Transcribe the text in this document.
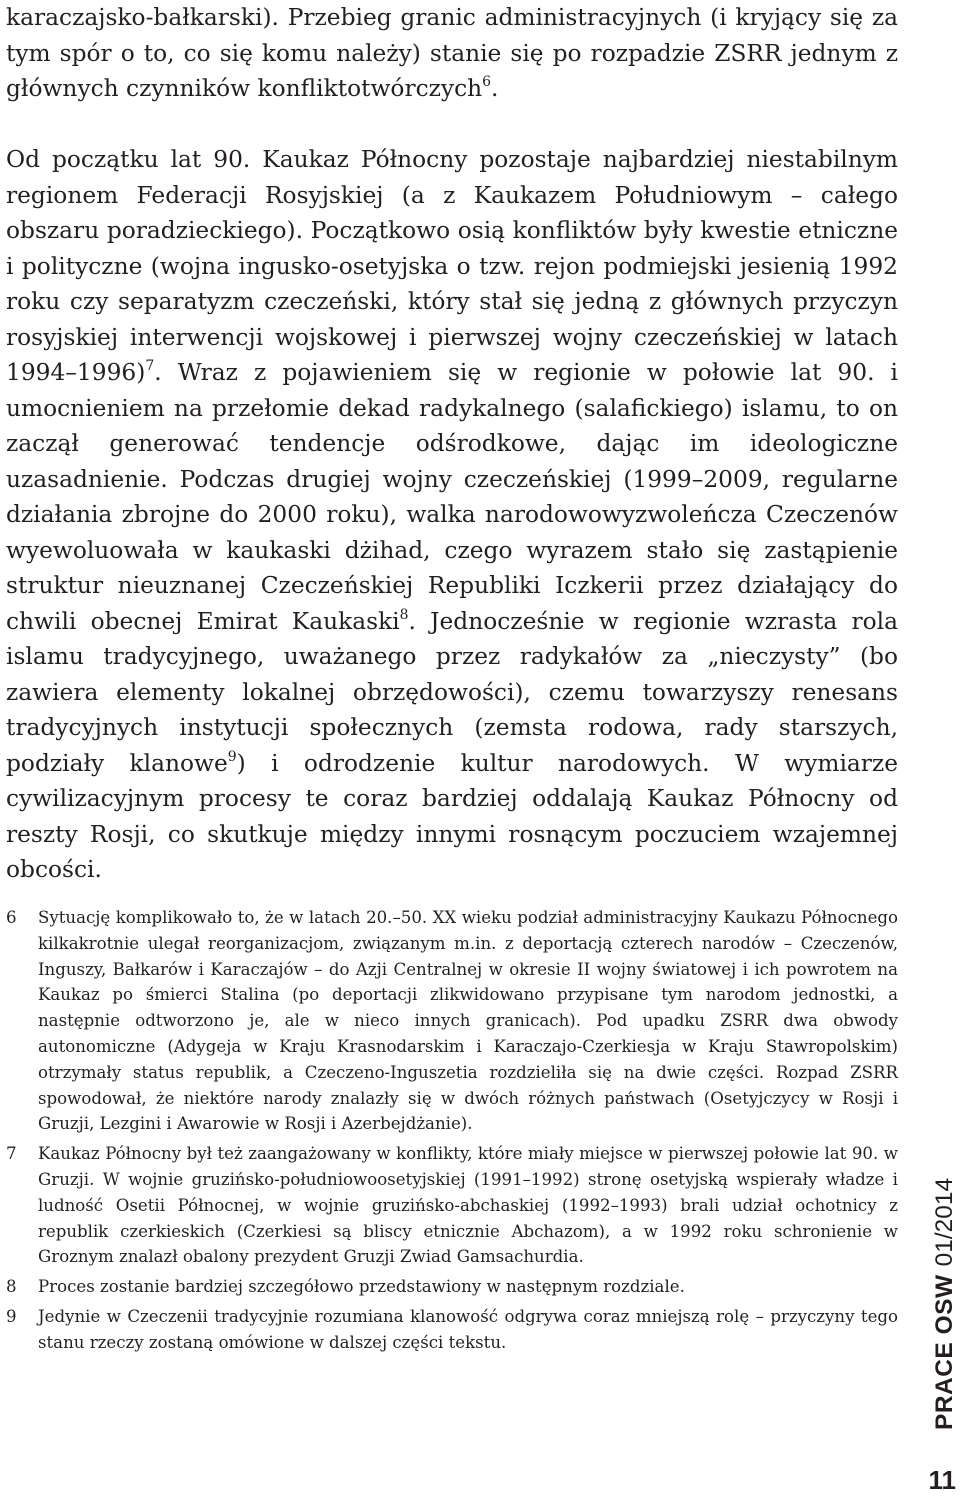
karaczajsko-bałkarski). Przebieg granic administracyjnych (i kryjący się za tym spór o to, co się komu należy) stanie się po rozpadzie ZSRR jednym z głównych czynników konfliktotwórczych$^6$.

Od początku lat 90. Kaukaz Północny pozostaje najbardziej niestabilnym regionem Federacji Rosyjskiej (a z Kaukazem Południowym – całego obszaru poradzieckiego). Początkowo osią konfliktów były kwestie etniczne i polityczne (wojna ingusko-osetyjska o tzw. rejon podmiejski jesienią 1992 roku czy separatyzm czeczeński, który stał się jedną z głównych przyczyn rosyjskiej interwencji wojskowej i pierwszej wojny czeczeńskiej w latach 1994–1996)$^7$. Wraz z pojawieniem się w regionie w połowie lat 90. i umocnieniem na przełomie dekad radykalnego (salafickiego) islamu, to on zaczął generować tendencje odśrodkowe, dając im ideologiczne uzasadnienie. Podczas drugiej wojny czeczeńskiej (1999–2009, regularne działania zbrojne do 2000 roku), walka narodowowyzwoleńcza Czeczenów wyewoluowała w kaukaski dżihad, czego wyrazem stało się zastąpienie struktur nieuznanej Czeczeńskiej Republiki Iczkerii przez działający do chwili obecnej Emirat Kaukaski$^8$. Jednocześnie w regionie wzrasta rola islamu tradycyjnego, uważanego przez radykałów za „nieczysty” (bo zawiera elementy lokalnej obrzędowości), czemu towarzyszy renesans tradycyjnych instytucji społecznych (zemsta rodowa, rady starszych, podziały klanowe$^9$) i odrodzenie kultur narodowych. W wymiarze cywilizacyjnym procesy te coraz bardziej oddalają Kaukaz Północny od reszty Rosji, co skutkuje między innymi rosnącym poczuciem wzajemnej obcości.

6 Sytuację komplikowało to, że w latach 20.–50. XX wieku podział administracyjny Kaukazu Północnego kilkakrotnie ulegał reorganizacjom, związanym m.in. z deportacją czterech narodów – Czeczenów, Inguszy, Bałkarów i Karaczajów – do Azji Centralnej w okresie II wojny światowej i ich powrotem na Kaukaz po śmierci Stalina (po deportacji zlikwidowano przypisane tym narodom jednostki, a następnie odtworzono je, ale w nieco innych granicach). Pod upadku ZSRR dwa obwody autonomiczne (Adygeja w Kraju Krasnodarskim i Karaczajo-Czerkiesja w Kraju Stawropolskim) otrzymały status republik, a Czeczeno-Inguszetia rozdzieliła się na dwie części. Rozpad ZSRR spowodował, że niektóre narody znalazły się w dwóch różnych państwach (Osetyjczycy w Rosji i Gruzji, Lezgini i Awarowie w Rosji i Azerbejdżanie).
7 Kaukaz Północny był też zaangażowany w konflikty, które miały miejsce w pierwszej połowie lat 90. w Gruzji. W wojnie gruzińsko-południowoosetyjskiej (1991–1992) stronę osetyjską wspierały władze i ludność Osetii Północnej, w wojnie gruzińsko-abchaskiej (1992–1993) brali udział ochotnicy z republik czerkieskich (Czerkiesi są bliscy etnicznie Abchazom), a w 1992 roku schronienie w Groznym znalazł obalony prezydent Gruzji Zwiad Gamsachurdia.
8 Proces zostanie bardziej szczegółowo przedstawiony w następnym rozdziale.
9 Jedynie w Czeczenii tradycyjnie rozumiana klanowość odgrywa coraz mniejszą rolę – przyczyny tego stanu rzeczy zostaną omówione w dalszej części tekstu.	PRACE OSW01/2014
11
